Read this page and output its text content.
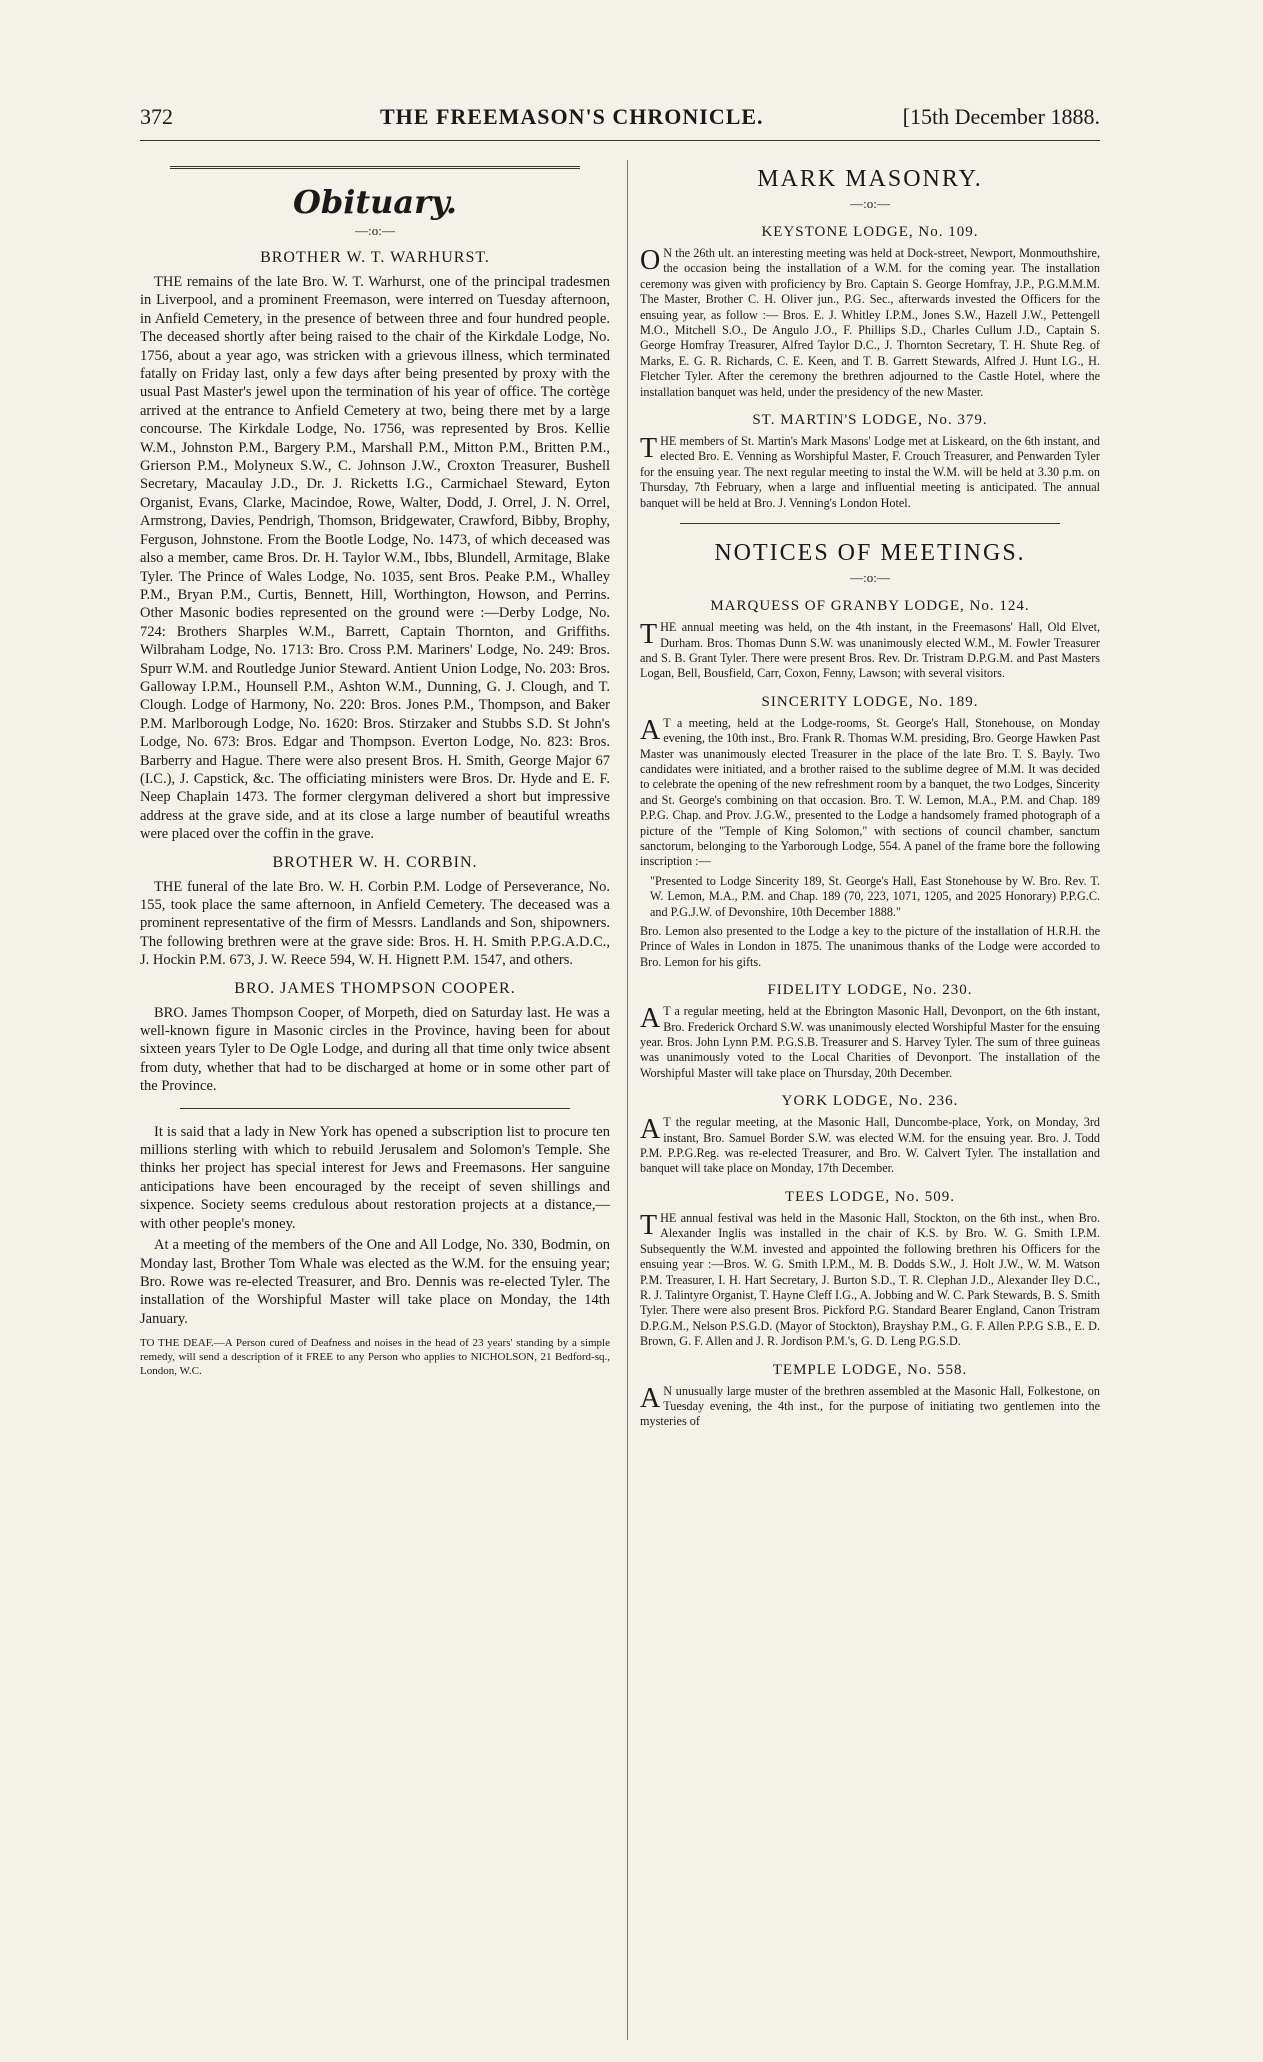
372	THE FREEMASON'S CHRONICLE.	[15th December 1888.
Obituary.
—:o:—
BROTHER W. T. WARHURST.

THE remains of the late Bro. W. T. Warhurst, one of the principal tradesmen in Liverpool, and a prominent Freemason, were interred on Tuesday afternoon, in Anfield Cemetery, in the presence of between three and four hundred people. The deceased shortly after being raised to the chair of the Kirkdale Lodge, No. 1756, about a year ago, was stricken with a grievous illness, which terminated fatally on Friday last, only a few days after being presented by proxy with the usual Past Master's jewel upon the termination of his year of office. The cortège arrived at the entrance to Anfield Cemetery at two, being there met by a large concourse. The Kirkdale Lodge, No. 1756, was represented by Bros. Kellie W.M., Johnston P.M., Bargery P.M., Marshall P.M., Mitton P.M., Britten P.M., Grierson P.M., Molyneux S.W., C. Johnson J.W., Croxton Treasurer, Bushell Secretary, Macaulay J.D., Dr. J. Ricketts I.G., Carmichael Steward, Eyton Organist, Evans, Clarke, Macindoe, Rowe, Walter, Dodd, J. Orrel, J. N. Orrel, Armstrong, Davies, Pendrigh, Thomson, Bridgewater, Crawford, Bibby, Brophy, Ferguson, Johnstone. From the Bootle Lodge, No. 1473, of which deceased was also a member, came Bros. Dr. H. Taylor W.M., Ibbs, Blundell, Armitage, Blake Tyler. The Prince of Wales Lodge, No. 1035, sent Bros. Peake P.M., Whalley P.M., Bryan P.M., Curtis, Bennett, Hill, Worthington, Howson, and Perrins. Other Masonic bodies represented on the ground were :—Derby Lodge, No. 724: Brothers Sharples W.M., Barrett, Captain Thornton, and Griffiths. Wilbraham Lodge, No. 1713: Bro. Cross P.M. Mariners' Lodge, No. 249: Bros. Spurr W.M. and Routledge Junior Steward. Antient Union Lodge, No. 203: Bros. Galloway I.P.M., Hounsell P.M., Ashton W.M., Dunning, G. J. Clough, and T. Clough. Lodge of Harmony, No. 220: Bros. Jones P.M., Thompson, and Baker P.M. Marlborough Lodge, No. 1620: Bros. Stirzaker and Stubbs S.D. St John's Lodge, No. 673: Bros. Edgar and Thompson. Everton Lodge, No. 823: Bros. Barberry and Hague. There were also present Bros. H. Smith, George Major 67 (I.C.), J. Capstick, &c. The officiating ministers were Bros. Dr. Hyde and E. F. Neep Chaplain 1473. The former clergyman delivered a short but impressive address at the grave side, and at its close a large number of beautiful wreaths were placed over the coffin in the grave.

BROTHER W. H. CORBIN.

THE funeral of the late Bro. W. H. Corbin P.M. Lodge of Perseverance, No. 155, took place the same afternoon, in Anfield Cemetery. The deceased was a prominent representative of the firm of Messrs. Landlands and Son, shipowners. The following brethren were at the grave side: Bros. H. H. Smith P.P.G.A.D.C., J. Hockin P.M. 673, J. W. Reece 594, W. H. Hignett P.M. 1547, and others.

BRO. JAMES THOMPSON COOPER.

BRO. James Thompson Cooper, of Morpeth, died on Saturday last. He was a well-known figure in Masonic circles in the Province, having been for about sixteen years Tyler to De Ogle Lodge, and during all that time only twice absent from duty, whether that had to be discharged at home or in some other part of the Province.

It is said that a lady in New York has opened a subscription list to procure ten millions sterling with which to rebuild Jerusalem and Solomon's Temple. She thinks her project has special interest for Jews and Freemasons. Her sanguine anticipations have been encouraged by the receipt of seven shillings and sixpence. Society seems credulous about restoration projects at a distance,—with other people's money.

At a meeting of the members of the One and All Lodge, No. 330, Bodmin, on Monday last, Brother Tom Whale was elected as the W.M. for the ensuing year; Bro. Rowe was re-elected Treasurer, and Bro. Dennis was re-elected Tyler. The installation of the Worshipful Master will take place on Monday, the 14th January.

TO THE DEAF.—A Person cured of Deafness and noises in the head of 23 years' standing by a simple remedy, will send a description of it FREE to any Person who applies to NICHOLSON, 21 Bedford-sq., London, W.C.

MARK MASONRY.
—:o:—
KEYSTONE LODGE, No. 109.

ON the 26th ult. an interesting meeting was held at Dock-street, Newport, Monmouthshire, the occasion being the installation of a W.M. for the coming year. The installation ceremony was given with proficiency by Bro. Captain S. George Homfray, J.P., P.G.M.M.M. The Master, Brother C. H. Oliver jun., P.G. Sec., afterwards invested the Officers for the ensuing year, as follow :— Bros. E. J. Whitley I.P.M., Jones S.W., Hazell J.W., Pettengell M.O., Mitchell S.O., De Angulo J.O., F. Phillips S.D., Charles Cullum J.D., Captain S. George Homfray Treasurer, Alfred Taylor D.C., J. Thornton Secretary, T. H. Shute Reg. of Marks, E. G. R. Richards, C. E. Keen, and T. B. Garrett Stewards, Alfred J. Hunt I.G., H. Fletcher Tyler. After the ceremony the brethren adjourned to the Castle Hotel, where the installation banquet was held, under the presidency of the new Master.

ST. MARTIN'S LODGE, No. 379.

THE members of St. Martin's Mark Masons' Lodge met at Liskeard, on the 6th instant, and elected Bro. E. Venning as Worshipful Master, F. Crouch Treasurer, and Penwarden Tyler for the ensuing year. The next regular meeting to instal the W.M. will be held at 3.30 p.m. on Thursday, 7th February, when a large and influential meeting is anticipated. The annual banquet will be held at Bro. J. Venning's London Hotel.

NOTICES OF MEETINGS.
—:o:—
MARQUESS OF GRANBY LODGE, No. 124.

THE annual meeting was held, on the 4th instant, in the Freemasons' Hall, Old Elvet, Durham. Bros. Thomas Dunn S.W. was unanimously elected W.M., M. Fowler Treasurer and S. B. Grant Tyler. There were present Bros. Rev. Dr. Tristram D.P.G.M. and Past Masters Logan, Bell, Bousfield, Carr, Coxon, Fenny, Lawson; with several visitors.

SINCERITY LODGE, No. 189.

AT a meeting, held at the Lodge-rooms, St. George's Hall, Stonehouse, on Monday evening, the 10th inst., Bro. Frank R. Thomas W.M. presiding, Bro. George Hawken Past Master was unanimously elected Treasurer in the place of the late Bro. T. S. Bayly. Two candidates were initiated, and a brother raised to the sublime degree of M.M. It was decided to celebrate the opening of the new refreshment room by a banquet, the two Lodges, Sincerity and St. George's combining on that occasion. Bro. T. W. Lemon, M.A., P.M. and Chap. 189 P.P.G. Chap. and Prov. J.G.W., presented to the Lodge a handsomely framed photograph of a picture of the "Temple of King Solomon," with sections of council chamber, sanctum sanctorum, belonging to the Yarborough Lodge, 554. A panel of the frame bore the following inscription :—

"Presented to Lodge Sincerity 189, St. George's Hall, East Stonehouse by W. Bro. Rev. T. W. Lemon, M.A., P.M. and Chap. 189 (70, 223, 1071, 1205, and 2025 Honorary) P.P.G.C. and P.G.J.W. of Devonshire, 10th December 1888."

Bro. Lemon also presented to the Lodge a key to the picture of the installation of H.R.H. the Prince of Wales in London in 1875. The unanimous thanks of the Lodge were accorded to Bro. Lemon for his gifts.

FIDELITY LODGE, No. 230.

AT a regular meeting, held at the Ebrington Masonic Hall, Devonport, on the 6th instant, Bro. Frederick Orchard S.W. was unanimously elected Worshipful Master for the ensuing year. Bros. John Lynn P.M. P.G.S.B. Treasurer and S. Harvey Tyler. The sum of three guineas was unanimously voted to the Local Charities of Devonport. The installation of the Worshipful Master will take place on Thursday, 20th December.

YORK LODGE, No. 236.

AT the regular meeting, at the Masonic Hall, Duncombe-place, York, on Monday, 3rd instant, Bro. Samuel Border S.W. was elected W.M. for the ensuing year. Bro. J. Todd P.M. P.P.G.Reg. was re-elected Treasurer, and Bro. W. Calvert Tyler. The installation and banquet will take place on Monday, 17th December.

TEES LODGE, No. 509.

THE annual festival was held in the Masonic Hall, Stockton, on the 6th inst., when Bro. Alexander Inglis was installed in the chair of K.S. by Bro. W. G. Smith I.P.M. Subsequently the W.M. invested and appointed the following brethren his Officers for the ensuing year :—Bros. W. G. Smith I.P.M., M. B. Dodds S.W., J. Holt J.W., W. M. Watson P.M. Treasurer, I. H. Hart Secretary, J. Burton S.D., T. R. Clephan J.D., Alexander Iley D.C., R. J. Talintyre Organist, T. Hayne Cleff I.G., A. Jobbing and W. C. Park Stewards, B. S. Smith Tyler. There were also present Bros. Pickford P.G. Standard Bearer England, Canon Tristram D.P.G.M., Nelson P.S.G.D. (Mayor of Stockton), Brayshay P.M., G. F. Allen P.P.G S.B., E. D. Brown, G. F. Allen and J. R. Jordison P.M.'s, G. D. Leng P.G.S.D.

TEMPLE LODGE, No. 558.

AN unusually large muster of the brethren assembled at the Masonic Hall, Folkestone, on Tuesday evening, the 4th inst., for the purpose of initiating two gentlemen into the mysteries of
